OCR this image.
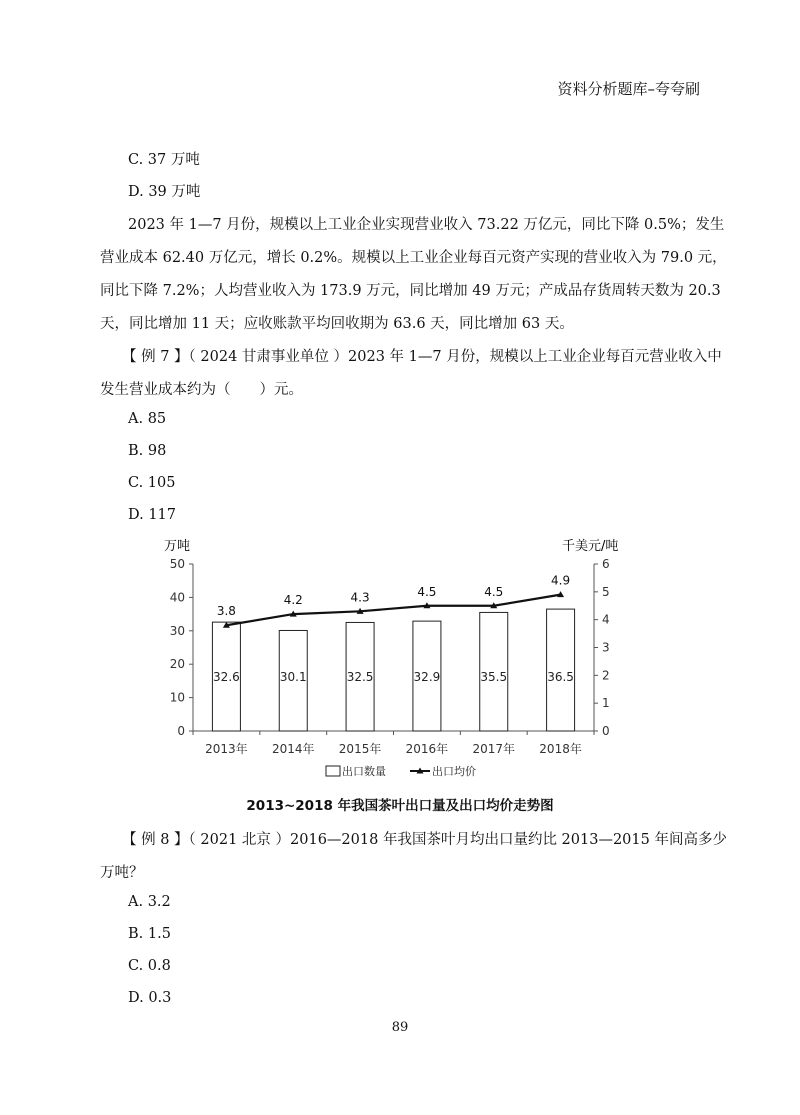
资料分析题库–夸夸刷
C. 37 万吨
D. 39 万吨
2023 年 1—7 月份，规模以上工业企业实现营业收入 73.22 万亿元，同比下降 0.5%；发生
营业成本 62.40 万亿元，增长 0.2%。规模以上工业企业每百元资产实现的营业收入为 79.0 元，
同比下降 7.2%；人均营业收入为 173.9 万元，同比增加 49 万元；产成品存货周转天数为 20.3
天，同比增加 11 天；应收账款平均回收期为 63.6 天，同比增加 63 天。
【 例 7 】（ 2024 甘肃事业单位 ）2023 年 1—7 月份，规模以上工业企业每百元营业收入中
发生营业成本约为（　　）元。
A. 85
B. 98
C. 105
D. 117
万吨	千美元/吨
0
10
20
30
40
50
0
1
2
3
4
5
6
32.6	30.1	32.5	32.9	35.5	36.5
2013年 2014年 2015年 2016年 2017年 2018年
3.8
4.2	4.3	4.5	4.5
4.9
出口数量	出口均价
2013~2018 年我国茶叶出口量及出口均价走势图
【 例 8 】（ 2021 北京 ）2016—2018 年我国茶叶月均出口量约比 2013—2015 年间高多少
万吨？
A. 3.2
B. 1.5
C. 0.8
D. 0.3
89
